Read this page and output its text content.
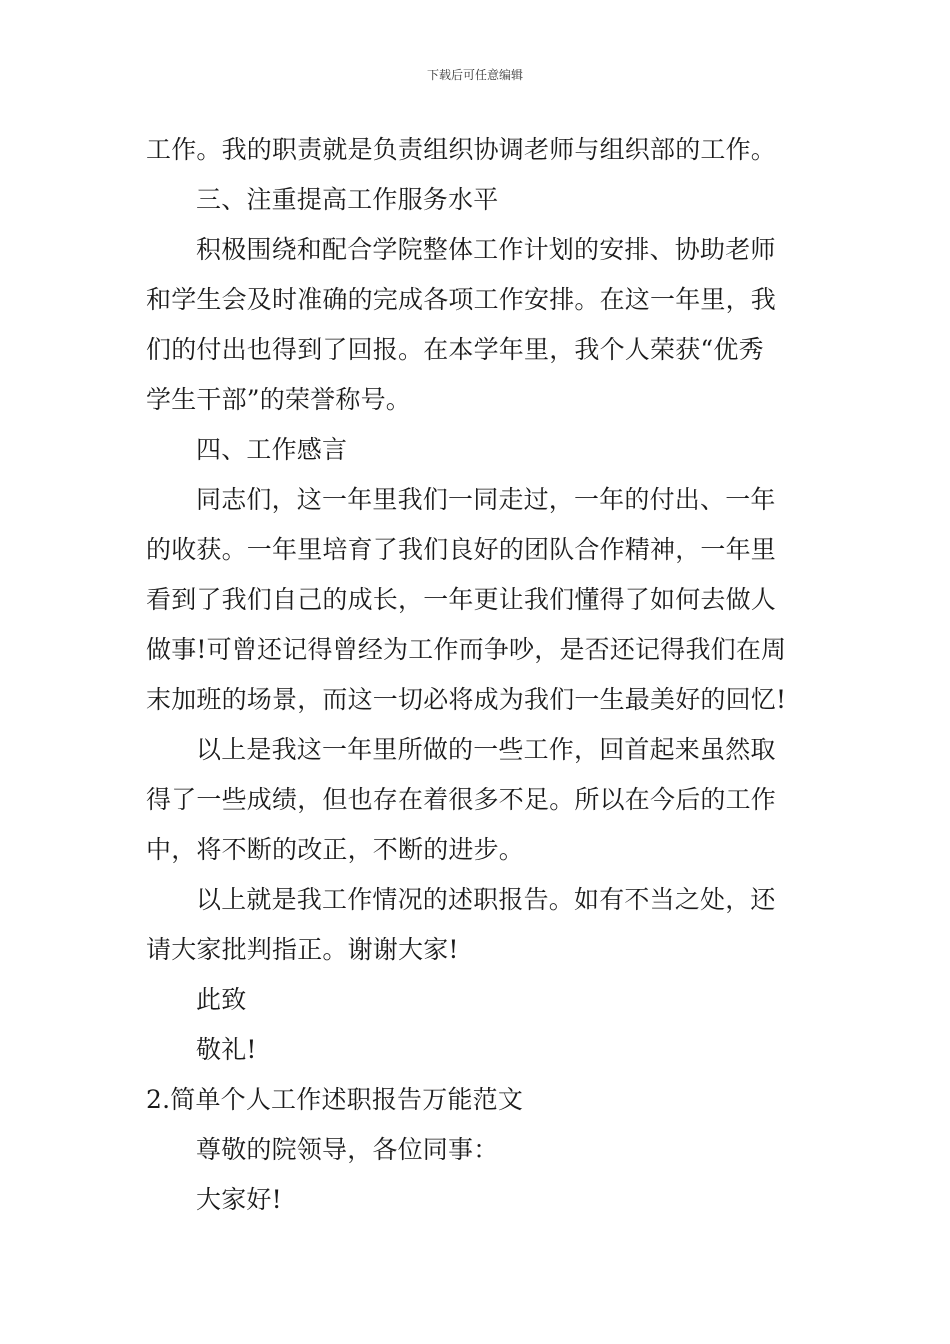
下载后可任意编辑
工作。我的职责就是负责组织协调老师与组织部的工作。
三、注重提高工作服务水平
积极围绕和配合学院整体工作计划的安排、协助老师
和学生会及时准确的完成各项工作安排。在这一年里，我
们的付出也得到了回报。在本学年里，我个人荣获“优秀
学生干部”的荣誉称号。
四、工作感言
同志们，这一年里我们一同走过，一年的付出、一年
的收获。一年里培育了我们良好的团队合作精神，一年里
看到了我们自己的成长，一年更让我们懂得了如何去做人
做事!可曾还记得曾经为工作而争吵，是否还记得我们在周
末加班的场景，而这一切必将成为我们一生最美好的回忆!
以上是我这一年里所做的一些工作，回首起来虽然取
得了一些成绩，但也存在着很多不足。所以在今后的工作
中，将不断的改正，不断的进步。
以上就是我工作情况的述职报告。如有不当之处，还
请大家批判指正。谢谢大家!
此致
敬礼!
2.简单个人工作述职报告万能范文
尊敬的院领导，各位同事：
大家好!
